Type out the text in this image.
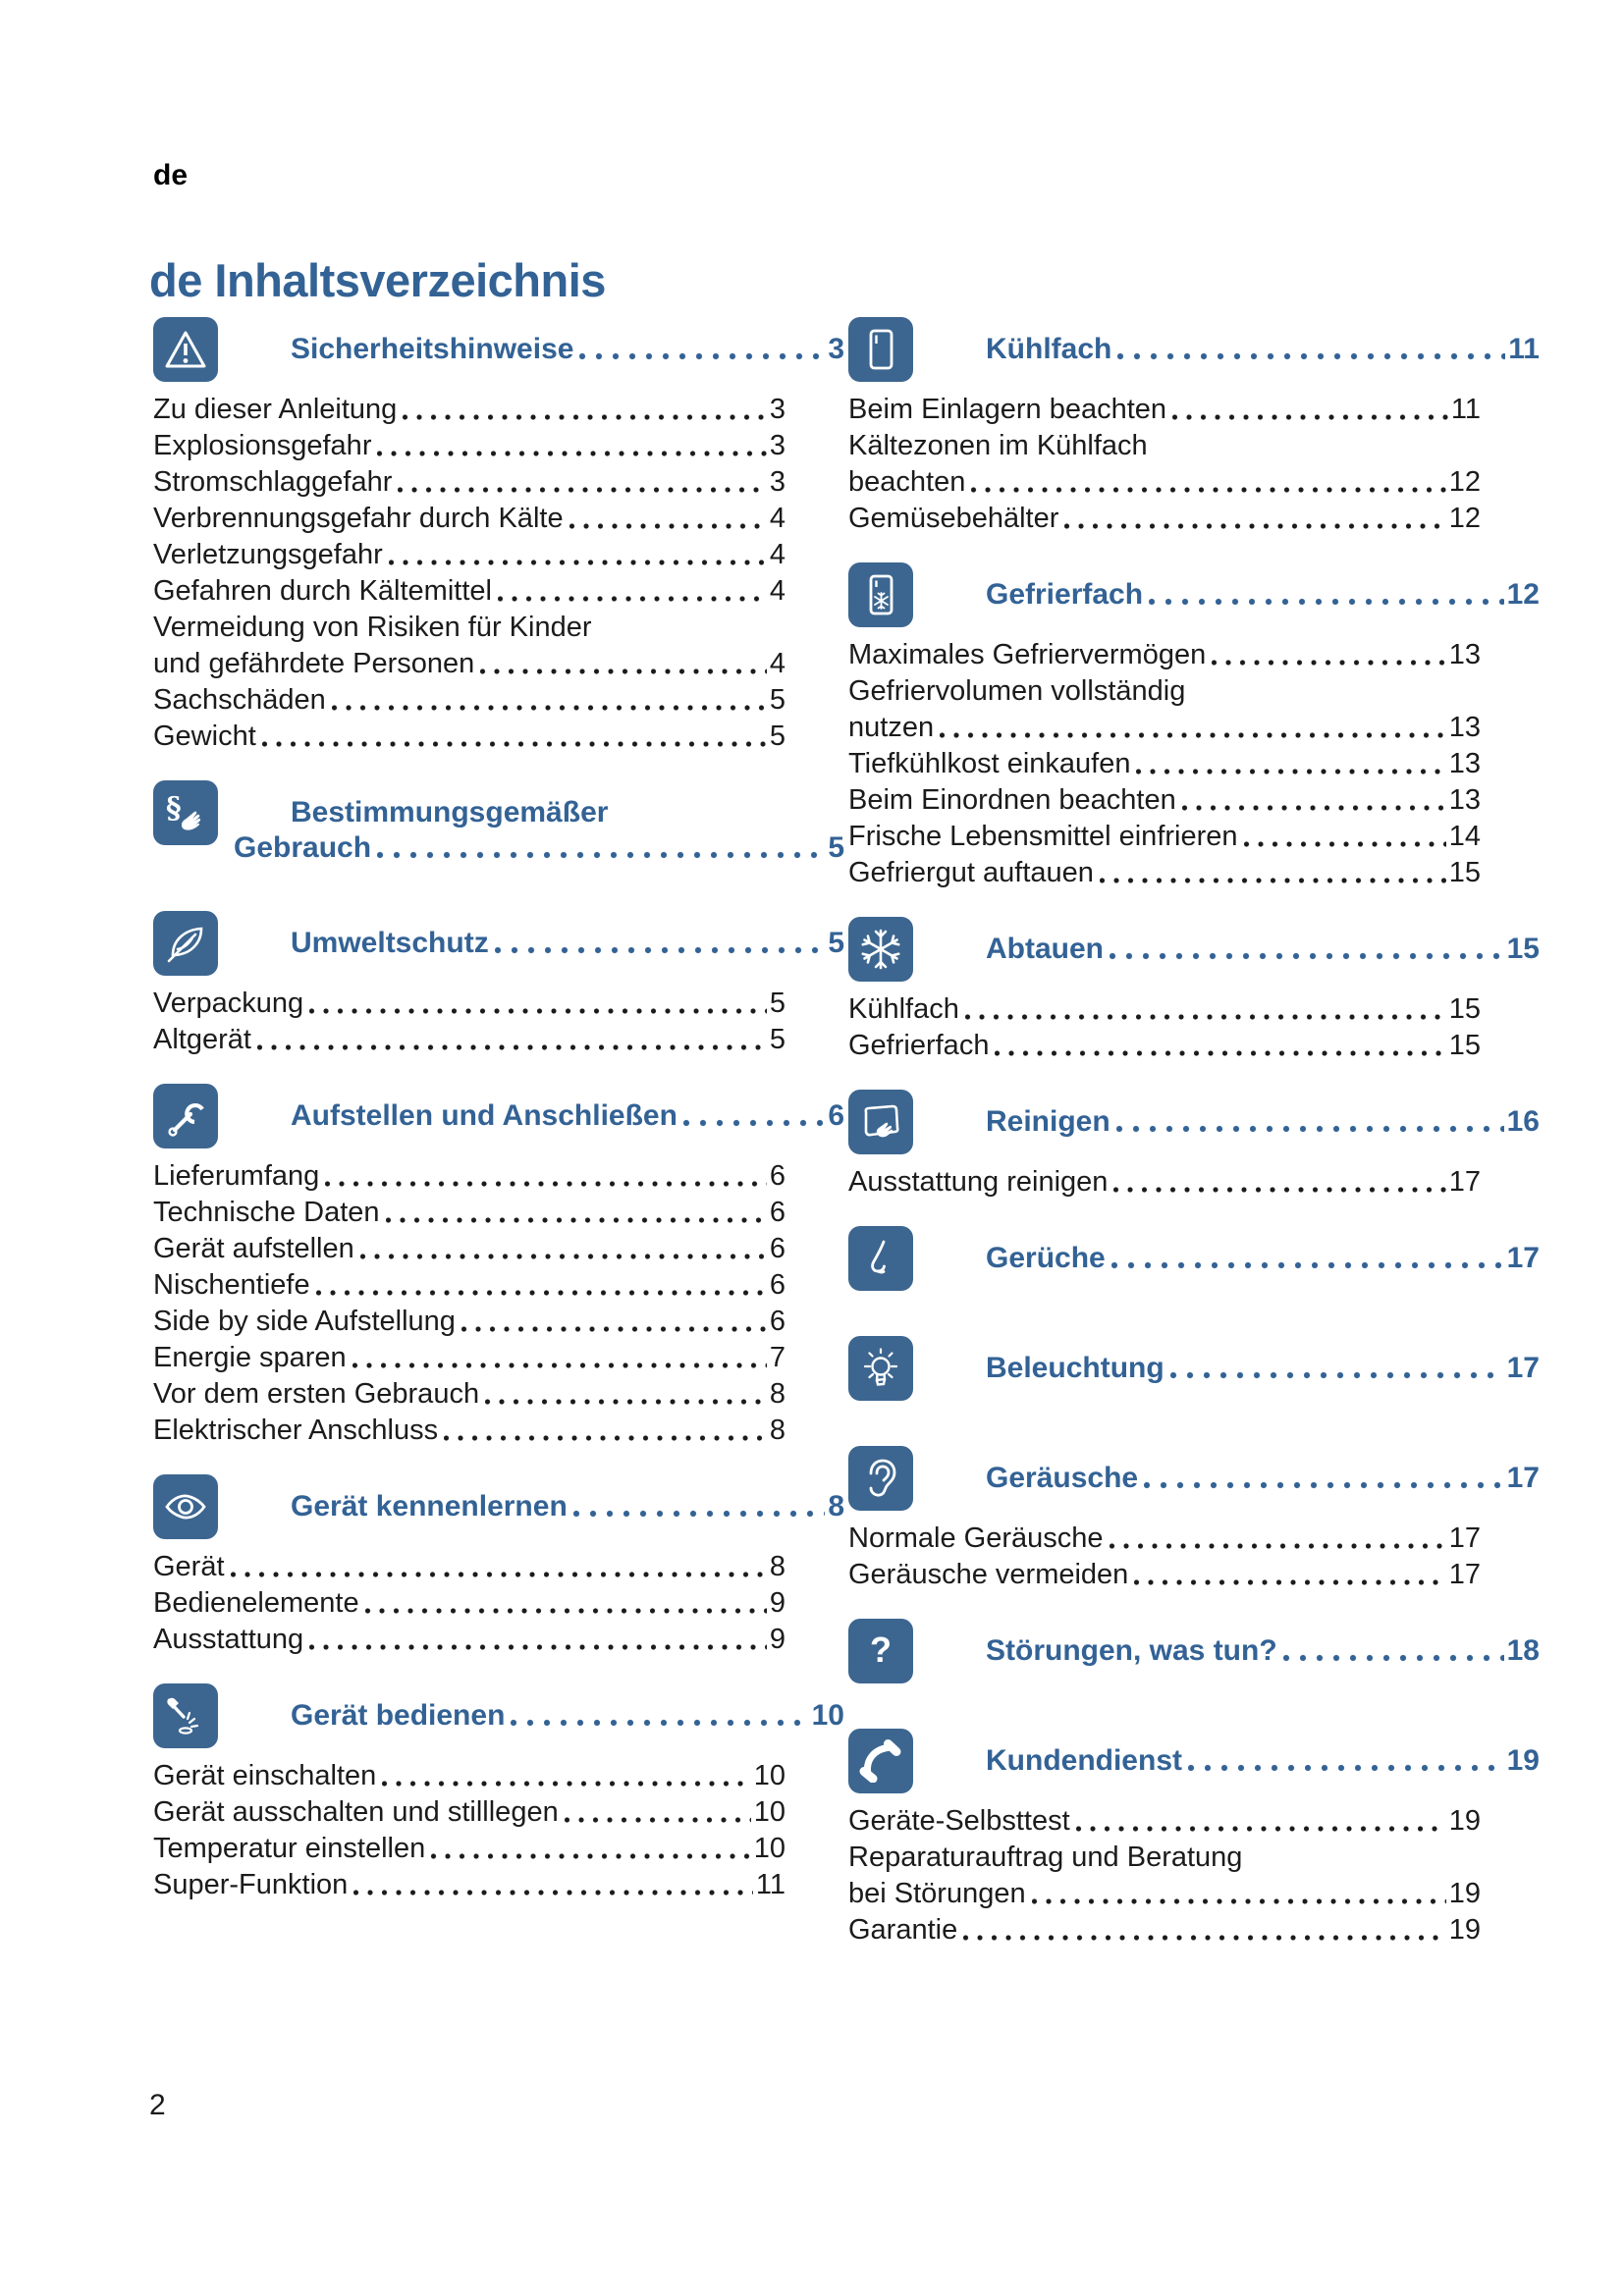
de
de Inhaltsverzeichnis
Sicherheitshinweise	3
Zu dieser Anleitung	3
Explosionsgefahr	3
Stromschlaggefahr	3
Verbrennungsgefahr durch Kälte	4
Verletzungsgefahr	4
Gefahren durch Kältemittel	4
Vermeidung von Risiken für Kinder
und gefährdete Personen	4
Sachschäden	5
Gewicht	5
§	Bestimmungsgemäßer
Gebrauch	5
Umweltschutz	5
Verpackung	5
Altgerät	5
Aufstellen und Anschließen	6
Lieferumfang	6
Technische Daten	6
Gerät aufstellen	6
Nischentiefe	6
Side by side Aufstellung	6
Energie sparen	7
Vor dem ersten Gebrauch	8
Elektrischer Anschluss	8
Gerät kennenlernen	8
Gerät	8
Bedienelemente	9
Ausstattung	9
Gerät bedienen	10
Gerät einschalten	10
Gerät ausschalten und stilllegen	10
Temperatur einstellen	10
Super-Funktion	11
Kühlfach	11
Beim Einlagern beachten	11
Kältezonen im Kühlfach
beachten	12
Gemüsebehälter	12
Gefrierfach	12
Maximales Gefriervermögen	13
Gefriervolumen vollständig
nutzen	13
Tiefkühlkost einkaufen	13
Beim Einordnen beachten	13
Frische Lebensmittel einfrieren	14
Gefriergut auftauen	15
Abtauen	15
Kühlfach	15
Gefrierfach	15
Reinigen	16
Ausstattung reinigen	17
Gerüche	17
Beleuchtung	17
Geräusche	17
Normale Geräusche	17
Geräusche vermeiden	17
?	Störungen, was tun?	18
Kundendienst	19
Geräte-Selbsttest	19
Reparaturauftrag und Beratung
bei Störungen	19
Garantie	19
2
